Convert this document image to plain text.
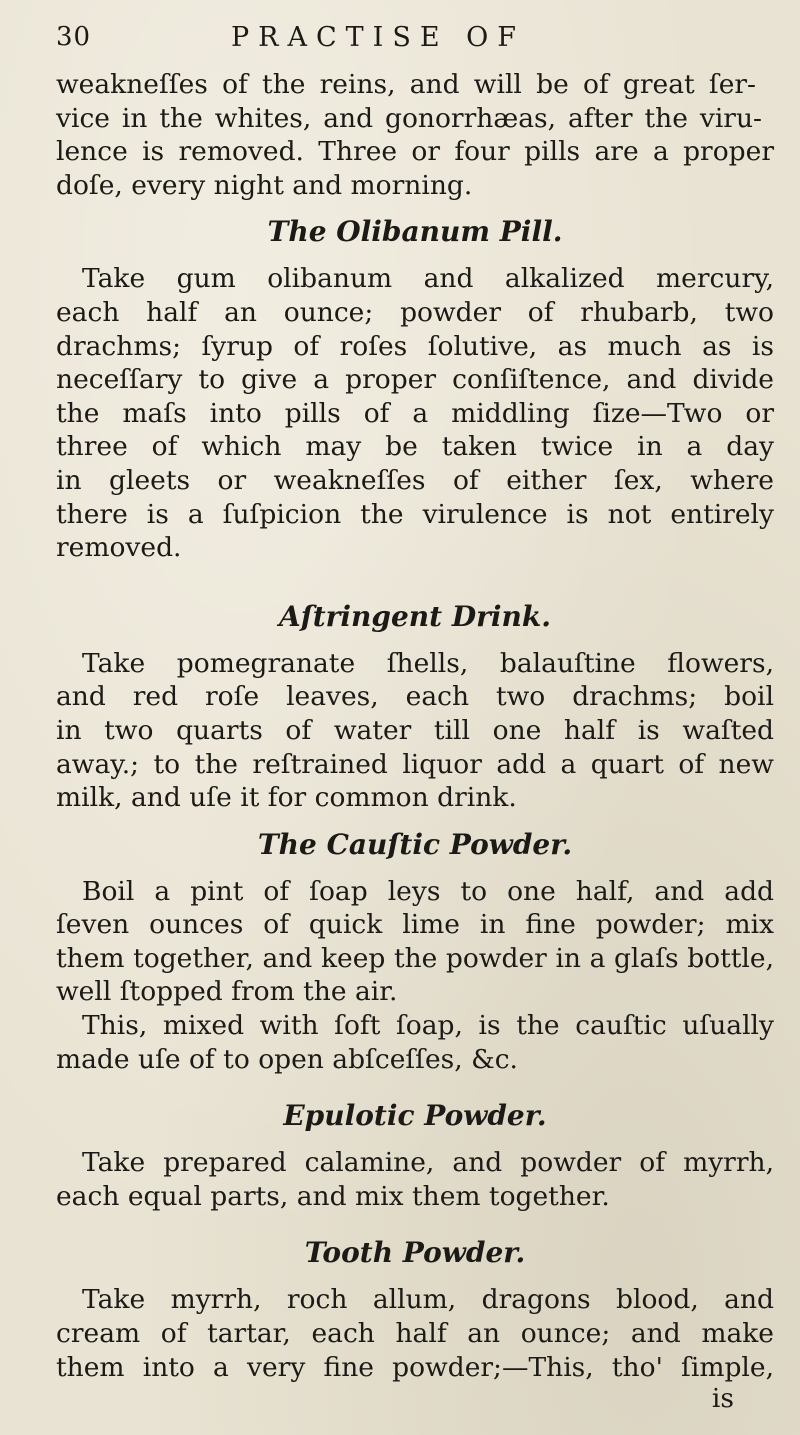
30	PRACTISE OF

weakneſſes of the reins, and will be of great ſer-
vice in the whites, and gonorrhæas, after the viru-
lence is removed. Three or four pills are a proper
doſe, every night and morning.

The Olibanum Pill.

Take gum olibanum and alkalized mercury,
each half an ounce; powder of rhubarb, two
drachms; ſyrup of roſes ſolutive, as much as is
neceſſary to give a proper conſiſtence, and divide
the maſs into pills of a middling ſize—Two or
three of which may be taken twice in a day
in gleets or weakneſſes of either ſex, where
there is a ſuſpicion the virulence is not entirely
removed.

Aſtringent Drink.

Take pomegranate ſhells, balauſtine flowers,
and red roſe leaves, each two drachms; boil
in two quarts of water till one half is waſted
away.; to the reſtrained liquor add a quart of new
milk, and uſe it for common drink.

The Cauſtic Powder.

Boil a pint of ſoap leys to one half, and add
ſeven ounces of quick lime in fine powder; mix
them together, and keep the powder in a glaſs bottle,
well ſtopped from the air.
This, mixed with ſoft ſoap, is the cauſtic uſually
made uſe of to open abſceſſes, &c.

Epulotic Powder.

Take prepared calamine, and powder of myrrh,
each equal parts, and mix them together.

Tooth Powder.

Take myrrh, roch allum, dragons blood, and
cream of tartar, each half an ounce; and make
them into a very fine powder;—This, tho' ſimple,

is
